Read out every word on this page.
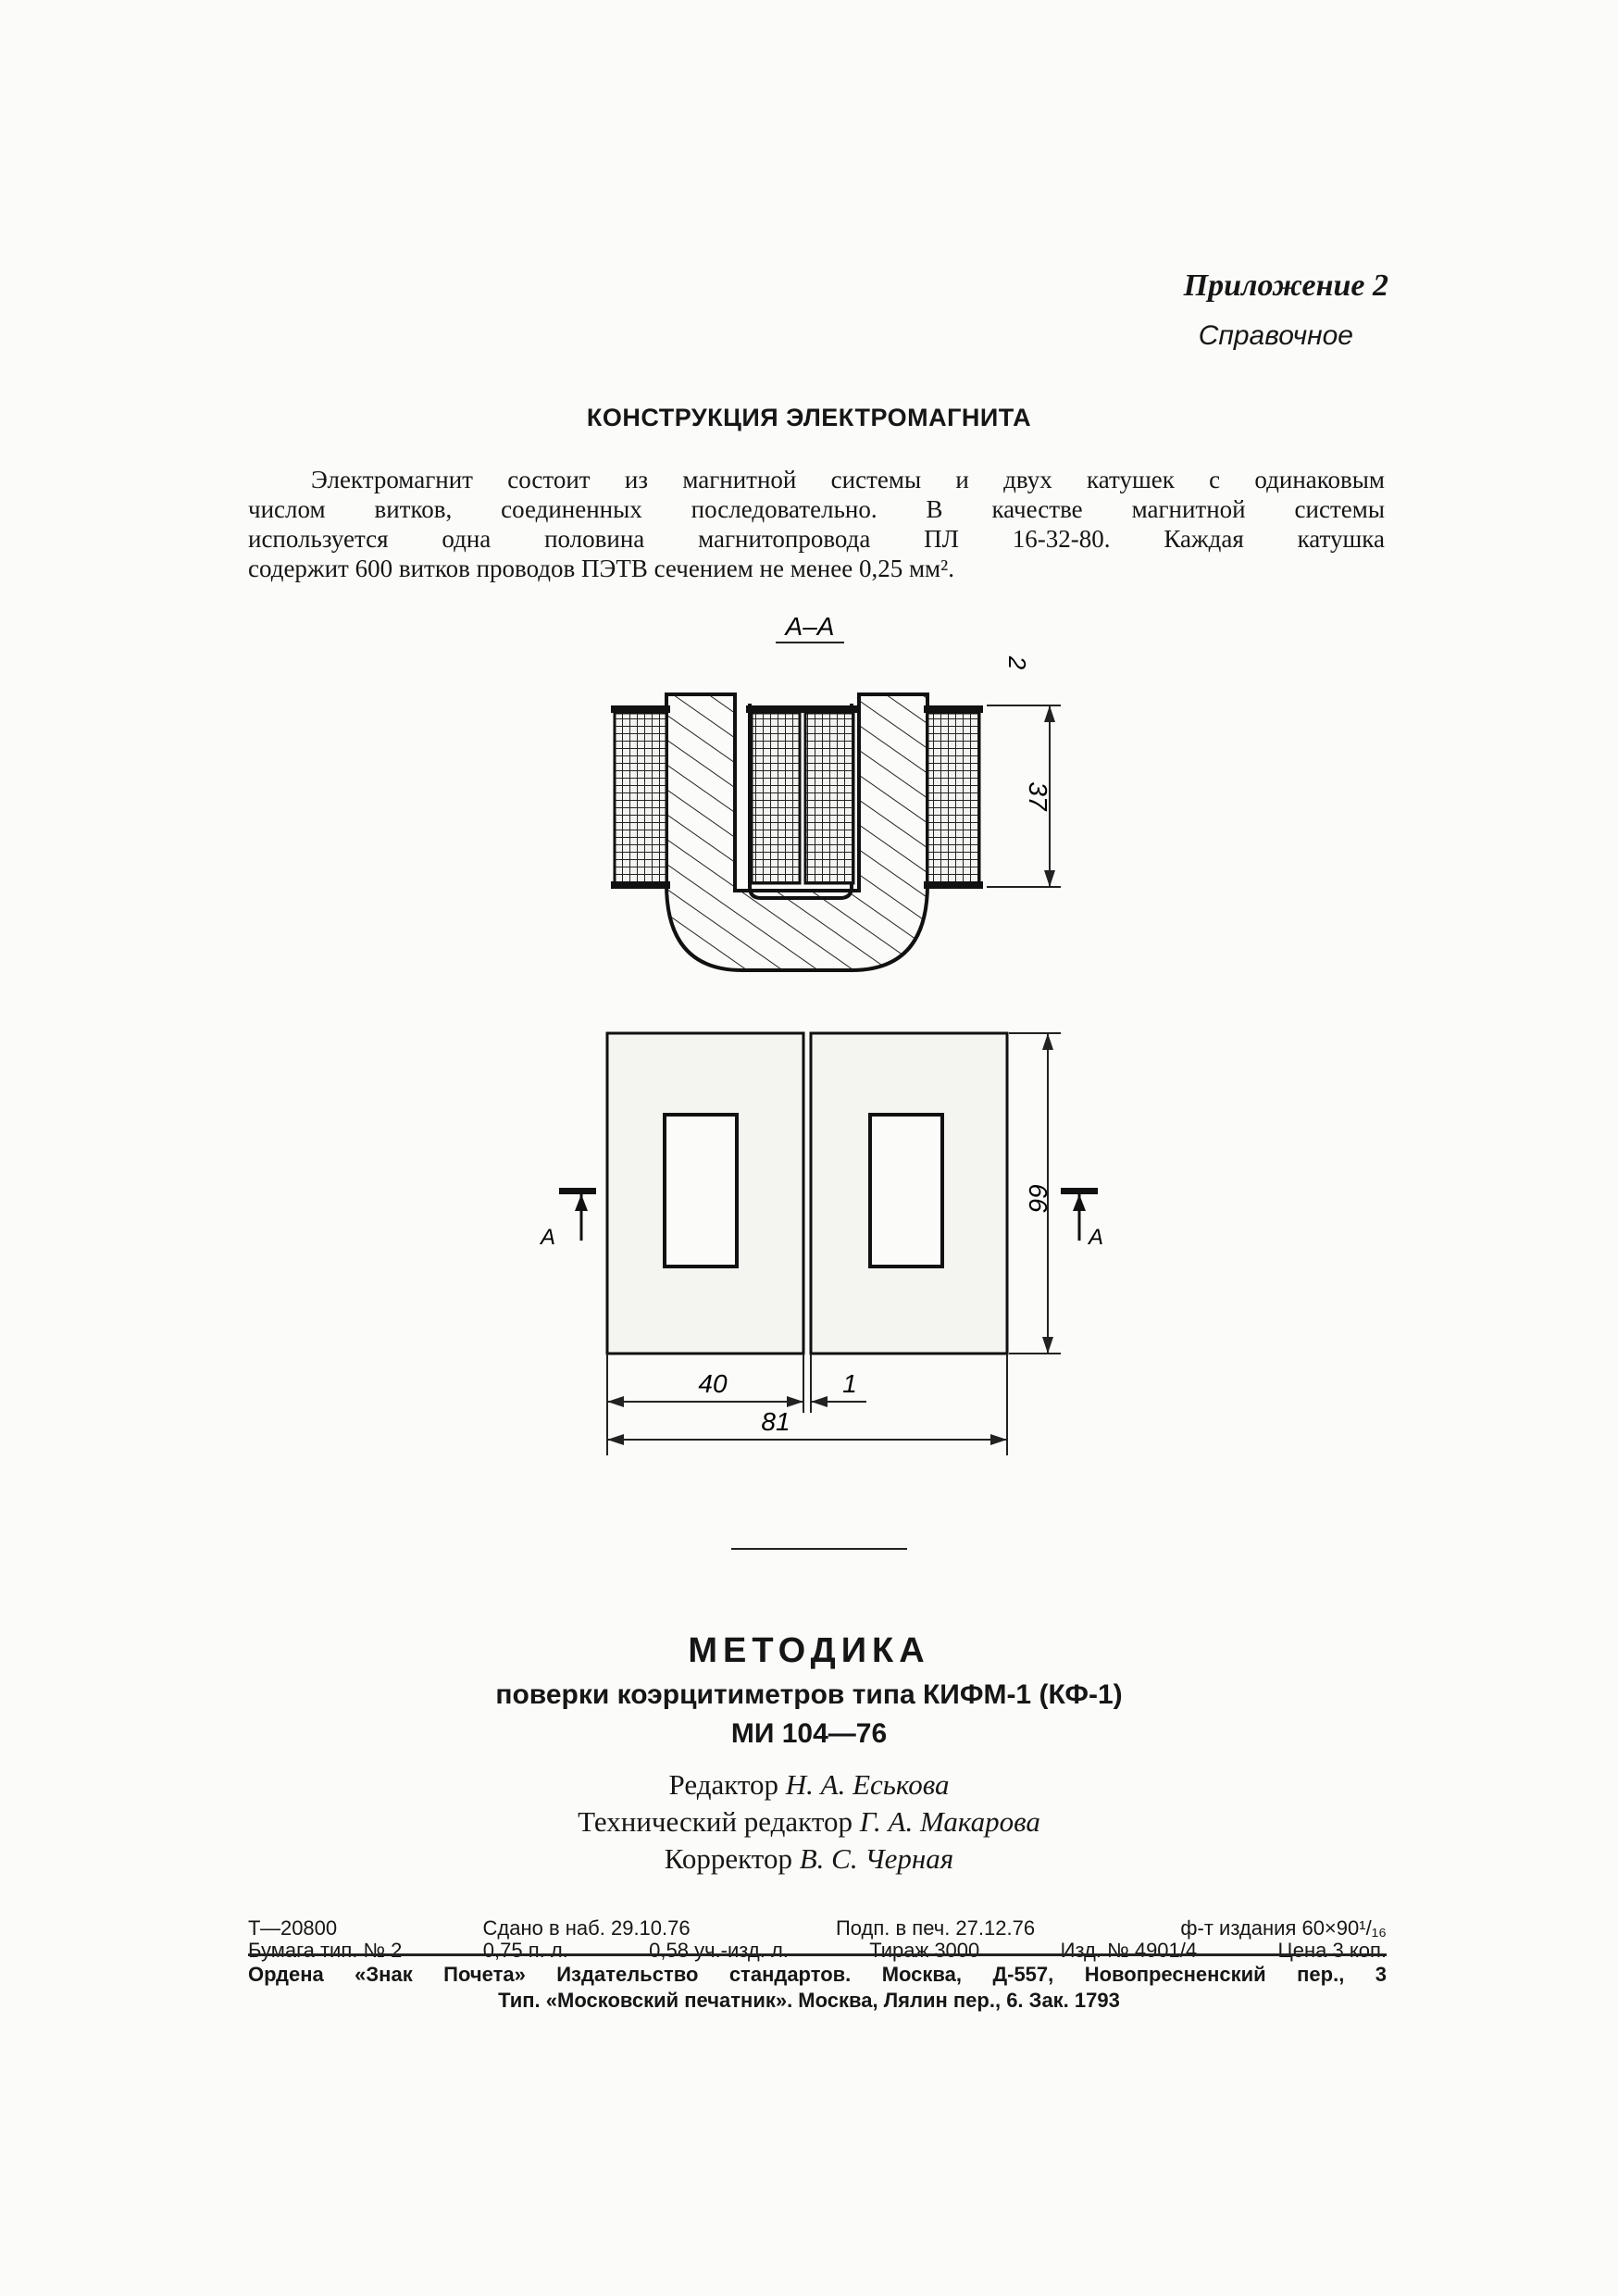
Приложение 2
Справочное
КОНСТРУКЦИЯ ЭЛЕКТРОМАГНИТА
Электромагнит состоит из магнитной системы и двух катушек с одинаковым
числом витков, соединенных последовательно. В качестве магнитной системы
используется одна половина магнитопровода ПЛ 16-32-80. Каждая катушка
содержит 600 витков проводов ПЭТВ сечением не менее 0,25 мм².
А–А
2
37
А	А
66
40	1
81
МЕТОДИКА
поверки коэрцитиметров типа КИФМ-1 (КФ-1)
МИ 104—76
Редактор Н. А. Еськова
Технический редактор Г. А. Макарова
Корректор В. С. Черная
Т—20800	Сдано в наб. 29.10.76	Подп. в печ. 27.12.76	ф-т издания 60×90¹/₁₆
Бумага тип. № 2	0,75 п. л.	0,58 уч.-изд. л.	Тираж 3000	Изд. № 4901/4	Цена 3 коп.
Ордена «Знак Почета» Издательство стандартов. Москва, Д-557, Новопресненский пер., 3
Тип. «Московский печатник». Москва, Лялин пер., 6. Зак. 1793
